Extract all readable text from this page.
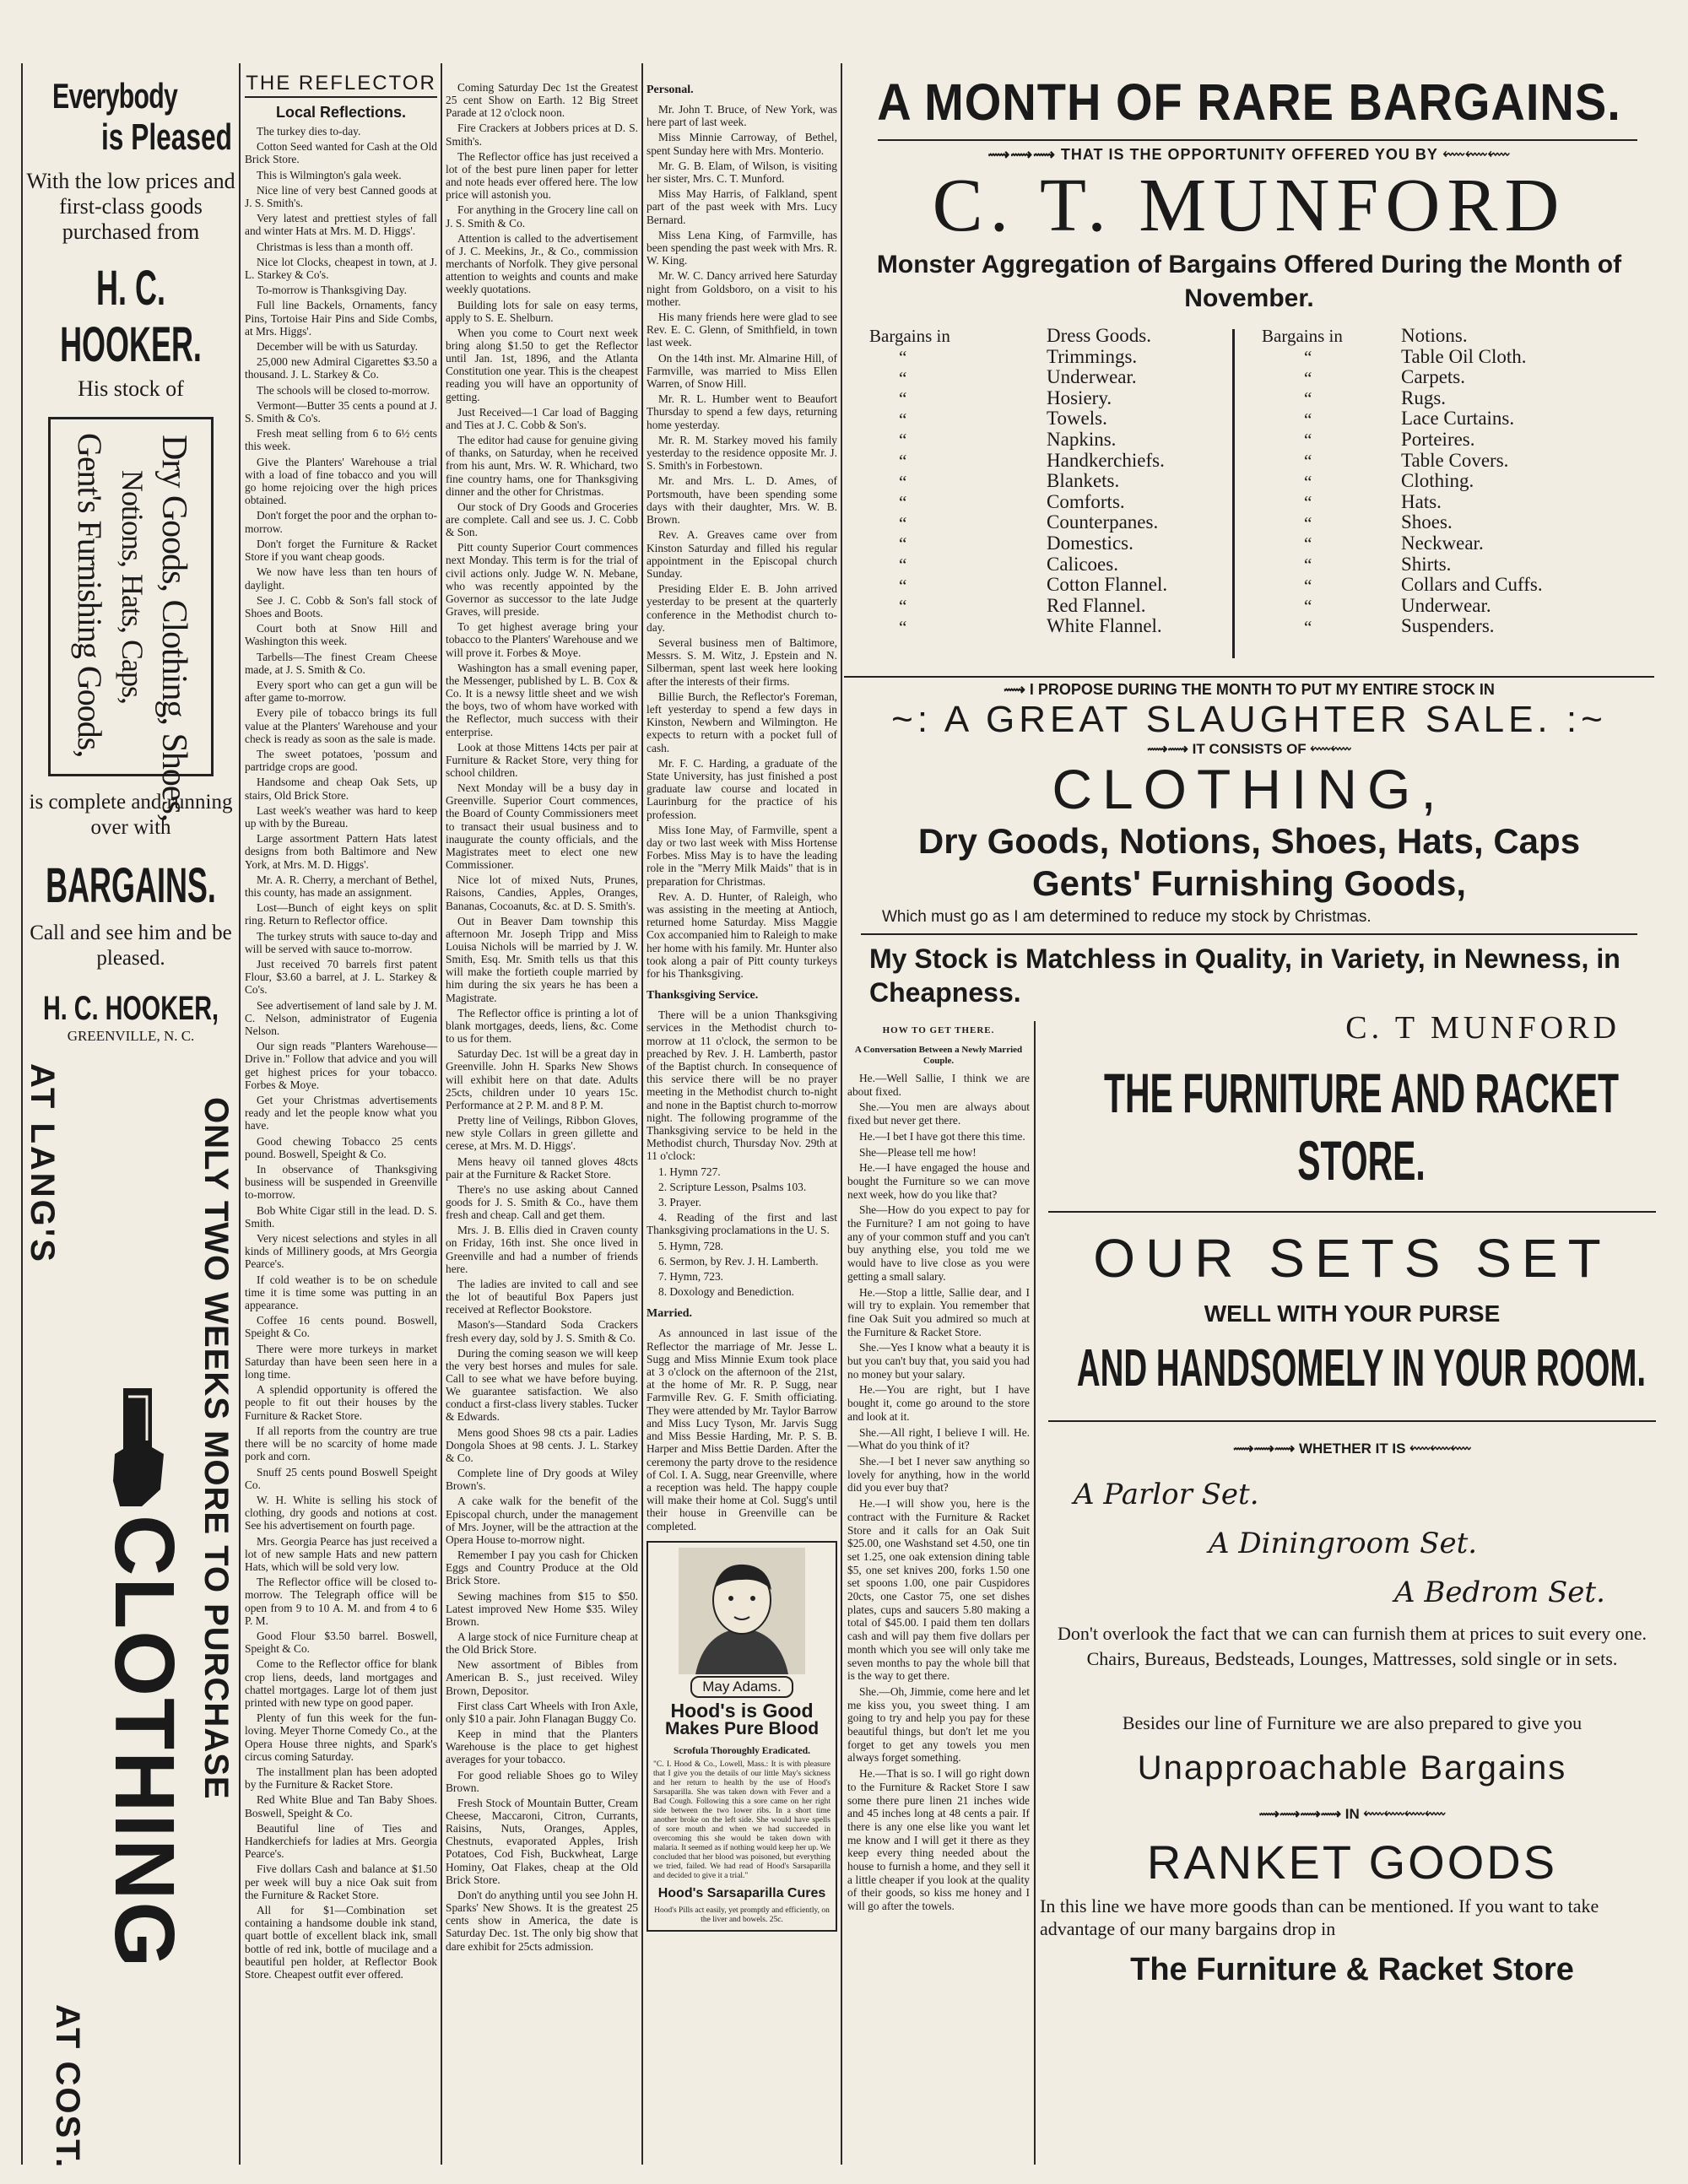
Everybody
is Pleased
With the low prices and first-class goods purchased from
H. C. HOOKER.
His stock of
Dry Goods, Clothing, Shoes,
Notions, Hats, Caps,
Gent's Furnishing Goods,
is complete and running over with
BARGAINS.
Call and see him and be pleased.
H. C. HOOKER,
GREENVILLE, N. C.
AT LANG'S	ONLY TWO WEEKS MORE TO PURCHASE
CLOTHING
AT COST.
THE REFLECTOR
Local Reflections.

The turkey dies to-day.

Cotton Seed wanted for Cash at the Old Brick Store.

This is Wilmington's gala week.

Nice line of very best Canned goods at J. S. Smith's.

Very latest and prettiest styles of fall and winter Hats at Mrs. M. D. Higgs'.

Christmas is less than a month off.

Nice lot Clocks, cheapest in town, at J. L. Starkey & Co's.

To-morrow is Thanksgiving Day.

Full line Backels, Ornaments, fancy Pins, Tortoise Hair Pins and Side Combs, at Mrs. Higgs'.

December will be with us Saturday.

25,000 new Admiral Cigarettes $3.50 a thousand. J. L. Starkey & Co.

The schools will be closed to-morrow.

Vermont—Butter 35 cents a pound at J. S. Smith & Co's.

Fresh meat selling from 6 to 6½ cents this week.

Give the Planters' Warehouse a trial with a load of fine tobacco and you will go home rejoicing over the high prices obtained.

Don't forget the poor and the orphan to-morrow.

Don't forget the Furniture & Racket Store if you want cheap goods.

We now have less than ten hours of daylight.

See J. C. Cobb & Son's fall stock of Shoes and Boots.

Court both at Snow Hill and Washington this week.

Tarbells—The finest Cream Cheese made, at J. S. Smith & Co.

Every sport who can get a gun will be after game to-morrow.

Every pile of tobacco brings its full value at the Planters' Warehouse and your check is ready as soon as the sale is made.

The sweet potatoes, 'possum and partridge crops are good.

Handsome and cheap Oak Sets, up stairs, Old Brick Store.

Last week's weather was hard to keep up with by the Bureau.

Large assortment Pattern Hats latest designs from both Baltimore and New York, at Mrs. M. D. Higgs'.

Mr. A. R. Cherry, a merchant of Bethel, this county, has made an assignment.

Lost—Bunch of eight keys on split ring. Return to Reflector office.

The turkey struts with sauce to-day and will be served with sauce to-morrow.

Just received 70 barrels first patent Flour, $3.60 a barrel, at J. L. Starkey & Co's.

See advertisement of land sale by J. M. C. Nelson, administrator of Eugenia Nelson.

Our sign reads "Planters Warehouse—Drive in." Follow that advice and you will get highest prices for your tobacco. Forbes & Moye.

Get your Christmas advertisements ready and let the people know what you have.

Good chewing Tobacco 25 cents pound. Boswell, Speight & Co.

In observance of Thanksgiving business will be suspended in Greenville to-morrow.

Bob White Cigar still in the lead. D. S. Smith.

Very nicest selections and styles in all kinds of Millinery goods, at Mrs Georgia Pearce's.

If cold weather is to be on schedule time it is time some was putting in an appearance.

Coffee 16 cents pound. Boswell, Speight & Co.

There were more turkeys in market Saturday than have been seen here in a long time.

A splendid opportunity is offered the people to fit out their houses by the Furniture & Racket Store.

If all reports from the country are true there will be no scarcity of home made pork and corn.

Snuff 25 cents pound Boswell Speight Co.

W. H. White is selling his stock of clothing, dry goods and notions at cost. See his advertisement on fourth page.

Mrs. Georgia Pearce has just received a lot of new sample Hats and new pattern Hats, which will be sold very low.

The Reflector office will be closed to-morrow. The Telegraph office will be open from 9 to 10 A. M. and from 4 to 6 P. M.

Good Flour $3.50 barrel. Boswell, Speight & Co.

Come to the Reflector office for blank crop liens, deeds, land mortgages and chattel mortgages. Large lot of them just printed with new type on good paper.

Plenty of fun this week for the fun-loving. Meyer Thorne Comedy Co., at the Opera House three nights, and Spark's circus coming Saturday.

The installment plan has been adopted by the Furniture & Racket Store.

Red White Blue and Tan Baby Shoes. Boswell, Speight & Co.

Beautiful line of Ties and Handkerchiefs for ladies at Mrs. Georgia Pearce's.

Five dollars Cash and balance at $1.50 per week will buy a nice Oak suit from the Furniture & Racket Store.

All for $1—Combination set containing a handsome double ink stand, quart bottle of excellent black ink, small bottle of red ink, bottle of mucilage and a beautiful pen holder, at Reflector Book Store. Cheapest outfit ever offered.

Coming Saturday Dec 1st the Greatest 25 cent Show on Earth. 12 Big Street Parade at 12 o'clock noon.

Fire Crackers at Jobbers prices at D. S. Smith's.

The Reflector office has just received a lot of the best pure linen paper for letter and note heads ever offered here. The low price will astonish you.

For anything in the Grocery line call on J. S. Smith & Co.

Attention is called to the advertisement of J. C. Meekins, Jr., & Co., commission merchants of Norfolk. They give personal attention to weights and counts and make weekly quotations.

Building lots for sale on easy terms, apply to S. E. Shelburn.

When you come to Court next week bring along $1.50 to get the Reflector until Jan. 1st, 1896, and the Atlanta Constitution one year. This is the cheapest reading you will have an opportunity of getting.

Just Received—1 Car load of Bagging and Ties at J. C. Cobb & Son's.

The editor had cause for genuine giving of thanks, on Saturday, when he received from his aunt, Mrs. W. R. Whichard, two fine country hams, one for Thanksgiving dinner and the other for Christmas.

Our stock of Dry Goods and Groceries are complete. Call and see us. J. C. Cobb & Son.

Pitt county Superior Court commences next Monday. This term is for the trial of civil actions only. Judge W. N. Mebane, who was recently appointed by the Governor as successor to the late Judge Graves, will preside.

To get highest average bring your tobacco to the Planters' Warehouse and we will prove it. Forbes & Moye.

Washington has a small evening paper, the Messenger, published by L. B. Cox & Co. It is a newsy little sheet and we wish the boys, two of whom have worked with the Reflector, much success with their enterprise.

Look at those Mittens 14cts per pair at Furniture & Racket Store, very thing for school children.

Next Monday will be a busy day in Greenville. Superior Court commences, the Board of County Commissioners meet to transact their usual business and to inaugurate the county officials, and the Magistrates meet to elect one new Commissioner.

Nice lot of mixed Nuts, Prunes, Raisons, Candies, Apples, Oranges, Bananas, Cocoanuts, &c. at D. S. Smith's.

Out in Beaver Dam township this afternoon Mr. Joseph Tripp and Miss Louisa Nichols will be married by J. W. Smith, Esq. Mr. Smith tells us that this will make the fortieth couple married by him during the six years he has been a Magistrate.

The Reflector office is printing a lot of blank mortgages, deeds, liens, &c. Come to us for them.

Saturday Dec. 1st will be a great day in Greenville. John H. Sparks New Shows will exhibit here on that date. Adults 25cts, children under 10 years 15c. Performance at 2 P. M. and 8 P. M.

Pretty line of Veilings, Ribbon Gloves, new style Collars in green gillette and cerese, at Mrs. M. D. Higgs'.

Mens heavy oil tanned gloves 48cts pair at the Furniture & Racket Store.

There's no use asking about Canned goods for J. S. Smith & Co., have them fresh and cheap. Call and get them.

Mrs. J. B. Ellis died in Craven county on Friday, 16th inst. She once lived in Greenville and had a number of friends here.

The ladies are invited to call and see the lot of beautiful Box Papers just received at Reflector Bookstore.

Mason's—Standard Soda Crackers fresh every day, sold by J. S. Smith & Co.

During the coming season we will keep the very best horses and mules for sale. Call to see what we have before buying. We guarantee satisfaction. We also conduct a first-class livery stables. Tucker & Edwards.

Mens good Shoes 98 cts a pair. Ladies Dongola Shoes at 98 cents. J. L. Starkey & Co.

Complete line of Dry goods at Wiley Brown's.

A cake walk for the benefit of the Episcopal church, under the management of Mrs. Joyner, will be the attraction at the Opera House to-morrow night.

Remember I pay you cash for Chicken Eggs and Country Produce at the Old Brick Store.

Sewing machines from $15 to $50. Latest improved New Home $35. Wiley Brown.

A large stock of nice Furniture cheap at the Old Brick Store.

New assortment of Bibles from American B. S., just received. Wiley Brown, Depositor.

First class Cart Wheels with Iron Axle, only $10 a pair. John Flanagan Buggy Co.

Keep in mind that the Planters Warehouse is the place to get highest averages for your tobacco.

For good reliable Shoes go to Wiley Brown.

Fresh Stock of Mountain Butter, Cream Cheese, Maccaroni, Citron, Currants, Raisins, Nuts, Oranges, Apples, Chestnuts, evaporated Apples, Irish Potatoes, Cod Fish, Buckwheat, Large Hominy, Oat Flakes, cheap at the Old Brick Store.

Don't do anything until you see John H. Sparks' New Shows. It is the greatest 25 cents show in America, the date is Saturday Dec. 1st. The only big show that dare exhibit for 25cts admission.

Personal.

Mr. John T. Bruce, of New York, was here part of last week.

Miss Minnie Carroway, of Bethel, spent Sunday here with Mrs. Monterio.

Mr. G. B. Elam, of Wilson, is visiting her sister, Mrs. C. T. Munford.

Miss May Harris, of Falkland, spent part of the past week with Mrs. Lucy Bernard.

Miss Lena King, of Farmville, has been spending the past week with Mrs. R. W. King.

Mr. W. C. Dancy arrived here Saturday night from Goldsboro, on a visit to his mother.

His many friends here were glad to see Rev. E. C. Glenn, of Smithfield, in town last week.

On the 14th inst. Mr. Almarine Hill, of Farmville, was married to Miss Ellen Warren, of Snow Hill.

Mr. R. L. Humber went to Beaufort Thursday to spend a few days, returning home yesterday.

Mr. R. M. Starkey moved his family yesterday to the residence opposite Mr. J. S. Smith's in Forbestown.

Mr. and Mrs. L. D. Ames, of Portsmouth, have been spending some days with their daughter, Mrs. W. B. Brown.

Rev. A. Greaves came over from Kinston Saturday and filled his regular appointment in the Episcopal church Sunday.

Presiding Elder E. B. John arrived yesterday to be present at the quarterly conference in the Methodist church to-day.

Several business men of Baltimore, Messrs. S. M. Witz, J. Epstein and N. Silberman, spent last week here looking after the interests of their firms.

Billie Burch, the Reflector's Foreman, left yesterday to spend a few days in Kinston, Newbern and Wilmington. He expects to return with a pocket full of cash.

Mr. F. C. Harding, a graduate of the State University, has just finished a post graduate law course and located in Laurinburg for the practice of his profession.

Miss Ione May, of Farmville, spent a day or two last week with Miss Hortense Forbes. Miss May is to have the leading role in the "Merry Milk Maids" that is in preparation for Christmas.

Rev. A. D. Hunter, of Raleigh, who was assisting in the meeting at Antioch, returned home Saturday. Miss Maggie Cox accompanied him to Raleigh to make her home with his family. Mr. Hunter also took along a pair of Pitt county turkeys for his Thanksgiving.

Thanksgiving Service.

There will be a union Thanksgiving services in the Methodist church to-morrow at 11 o'clock, the sermon to be preached by Rev. J. H. Lamberth, pastor of the Baptist church. In consequence of this service there will be no prayer meeting in the Methodist church to-night and none in the Baptist church to-morrow night. The following programme of the Thanksgiving service to be held in the Methodist church, Thursday Nov. 29th at 11 o'clock:

1. Hymn 727.

2. Scripture Lesson, Psalms 103.

3. Prayer.

4. Reading of the first and last Thanksgiving proclamations in the U. S.

5. Hymn, 728.

6. Sermon, by Rev. J. H. Lamberth.

7. Hymn, 723.

8. Doxology and Benediction.

Married.

As announced in last issue of the Reflector the marriage of Mr. Jesse L. Sugg and Miss Minnie Exum took place at 3 o'clock on the afternoon of the 21st, at the home of Mr. R. P. Sugg, near Farmville Rev. G. F. Smith officiating. They were attended by Mr. Taylor Barrow and Miss Lucy Tyson, Mr. Jarvis Sugg and Miss Bessie Harding, Mr. P. S. B. Harper and Miss Bettie Darden. After the ceremony the party drove to the residence of Col. I. A. Sugg, near Greenville, where a reception was held. The happy couple will make their home at Col. Sugg's until their house in Greenville can be completed.

May Adams.
Hood's is Good
Makes Pure Blood
Scrofula Thoroughly Eradicated.
"C. I. Hood & Co., Lowell, Mass.: It is with pleasure that I give you the details of our little May's sickness and her return to health by the use of Hood's Sarsaparilla. She was taken down with Fever and a Bad Cough. Following this a sore came on her right side between the two lower ribs. In a short time another broke on the left side. She would have spells of sore mouth and when we had succeeded in overcoming this she would be taken down with malaria. It seemed as if nothing would keep her up. We concluded that her blood was poisoned, but everything we tried, failed. We had read of Hood's Sarsaparilla and decided to give it a trial."
Hood's Sarsaparilla Cures
Hood's Pills act easily, yet promptly and efficiently, on the liver and bowels. 25c.
A MONTH OF RARE BARGAINS.
⟿⟿⟿ THAT IS THE OPPORTUNITY OFFERED YOU BY ⬳⬳⬳
C. T. MUNFORD
Monster Aggregation of Bargains Offered During the Month of November.
Bargains in
“
“
“
“
“
“
“
“
“
“
“
“
“
“
Dress Goods.
Trimmings.
Underwear.
Hosiery.
Towels.
Napkins.
Handkerchiefs.
Blankets.
Comforts.
Counterpanes.
Domestics.
Calicoes.
Cotton Flannel.
Red Flannel.
White Flannel.
Bargains in
“
“
“
“
“
“
“
“
“
“
“
“
“
“
Notions.
Table Oil Cloth.
Carpets.
Rugs.
Lace Curtains.
Porteires.
Table Covers.
Clothing.
Hats.
Shoes.
Neckwear.
Shirts.
Collars and Cuffs.
Underwear.
Suspenders.
⟿ I PROPOSE DURING THE MONTH TO PUT MY ENTIRE STOCK IN
~: A GREAT SLAUGHTER SALE. :~
⟿⟿ IT CONSISTS OF ⬳⬳
CLOTHING,
Dry Goods, Notions, Shoes, Hats, Caps
Gents' Furnishing Goods,
Which must go as I am determined to reduce my stock by Christmas.
My Stock is Matchless in Quality, in Variety, in Newness, in Cheapness.
C. T MUNFORD
HOW TO GET THERE.
A Conversation Between a Newly Married Couple.

He.—Well Sallie, I think we are about fixed.

She.—You men are always about fixed but never get there.

He.—I bet I have got there this time.

She—Please tell me how!

He.—I have engaged the house and bought the Furniture so we can move next week, how do you like that?

She—How do you expect to pay for the Furniture? I am not going to have any of your common stuff and you can't buy anything else, you told me we would have to live close as you were getting a small salary.

He.—Stop a little, Sallie dear, and I will try to explain. You remember that fine Oak Suit you admired so much at the Furniture & Racket Store.

She.—Yes I know what a beauty it is but you can't buy that, you said you had no money but your salary.

He.—You are right, but I have bought it, come go around to the store and look at it.

She.—All right, I believe I will. He.—What do you think of it?

She.—I bet I never saw anything so lovely for anything, how in the world did you ever buy that?

He.—I will show you, here is the contract with the Furniture & Racket Store and it calls for an Oak Suit $25.00, one Washstand set 4.50, one tin set 1.25, one oak extension dining table $5, one set knives 200, forks 1.50 one set spoons 1.00, one pair Cuspidores 20cts, one Castor 75, one set dishes plates, cups and saucers 5.80 making a total of $45.00. I paid them ten dollars cash and will pay them five dollars per month which you see will only take me seven months to pay the whole bill that is the way to get there.

She.—Oh, Jimmie, come here and let me kiss you, you sweet thing. I am going to try and help you pay for these beautiful things, but don't let me you forget to get any towels you men always forget something.

He.—That is so. I will go right down to the Furniture & Racket Store I saw some there pure linen 21 inches wide and 45 inches long at 48 cents a pair. If there is any one else like you want let me know and I will get it there as they keep every thing needed about the house to furnish a home, and they sell it a little cheaper if you look at the quality of their goods, so kiss me honey and I will go after the towels.

THE FURNITURE AND RACKET STORE.
OUR SETS SET
WELL WITH YOUR PURSE
AND HANDSOMELY IN YOUR ROOM.
⟿⟿⟿ WHETHER IT IS ⬳⬳⬳
A Parlor Set.
A Diningroom Set.
A Bedrom Set.
Don't overlook the fact that we can can furnish them at prices to suit every one. Chairs, Bureaus, Bedsteads, Lounges, Mattresses, sold single or in sets.
Besides our line of Furniture we are also prepared to give you
Unapproachable Bargains
⟿⟿⟿⟿ IN ⬳⬳⬳⬳
RANKET GOODS
In this line we have more goods than can be mentioned. If you want to take advantage of our many bargains drop in
The Furniture & Racket Store
